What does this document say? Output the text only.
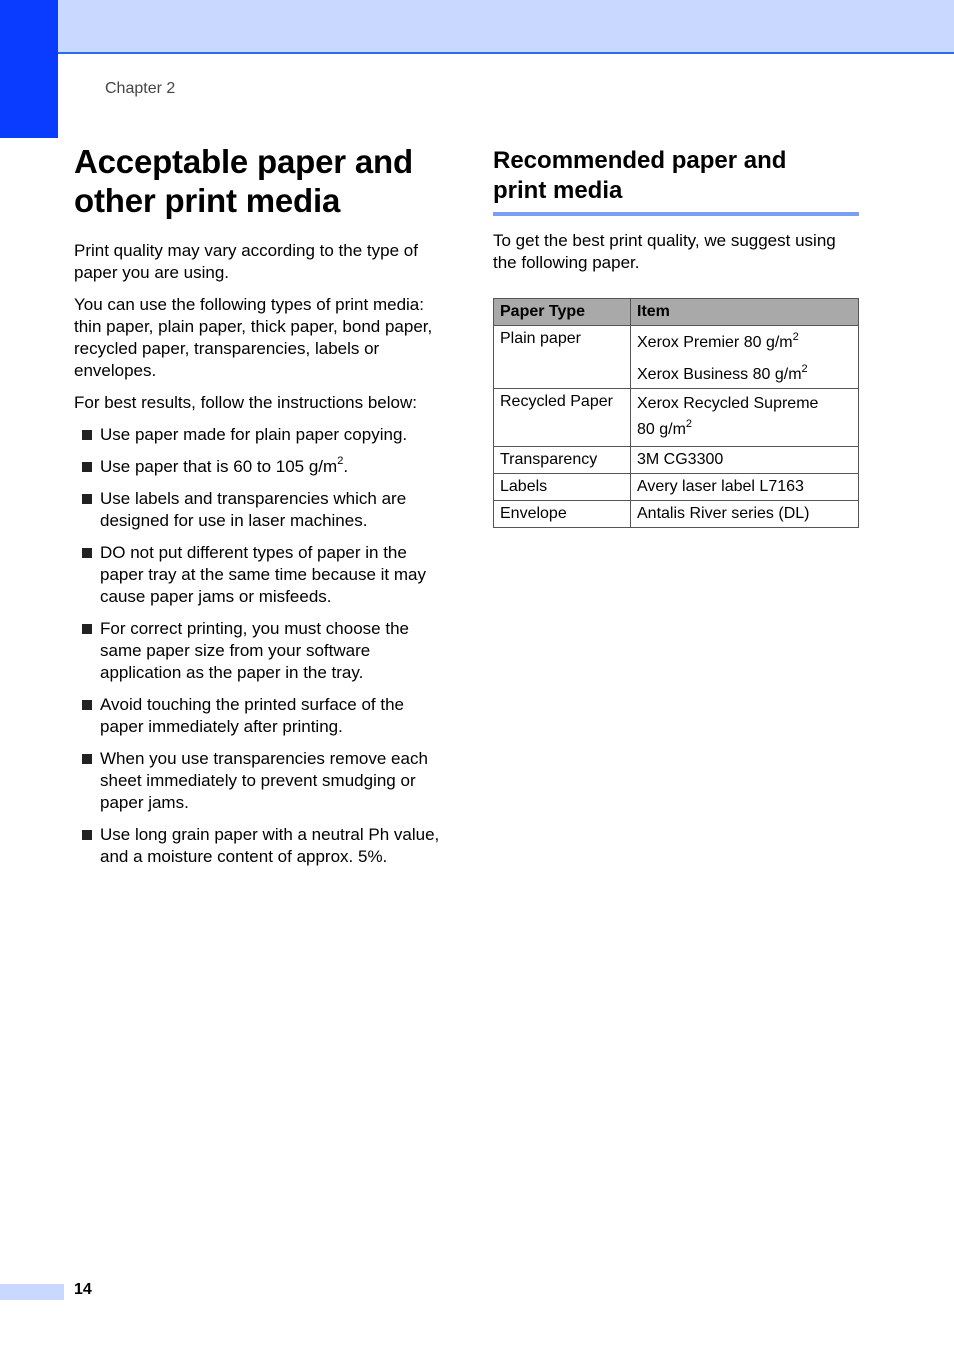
Chapter 2
Acceptable paper and
other print media

Print quality may vary according to the type of paper you are using.

You can use the following types of print media: thin paper, plain paper, thick paper, bond paper, recycled paper, transparencies, labels or envelopes.

For best results, follow the instructions below:

Use paper made for plain paper copying.
Use paper that is 60 to 105 $g/m^2$.
Use labels and transparencies which are designed for use in laser machines.
DO not put different types of paper in the paper tray at the same time because it may cause paper jams or misfeeds.
For correct printing, you must choose the same paper size from your software application as the paper in the tray.
Avoid touching the printed surface of the paper immediately after printing.
When you use transparencies remove each sheet immediately to prevent smudging or paper jams.
Use long grain paper with a neutral Ph value, and a moisture content of approx. 5%.
Recommended paper and
print media

To get the best print quality, we suggest using the following paper.

Paper Type	Item
Plain paper	Xerox Premier 80 $g/m^2$
Xerox Business 80 $g/m^2$

Recycled Paper	Xerox Recycled Supreme
80 $g/m^2$

Transparency	3M CG3300
Labels	Avery laser label L7163
Envelope	Antalis River series (DL)
14
